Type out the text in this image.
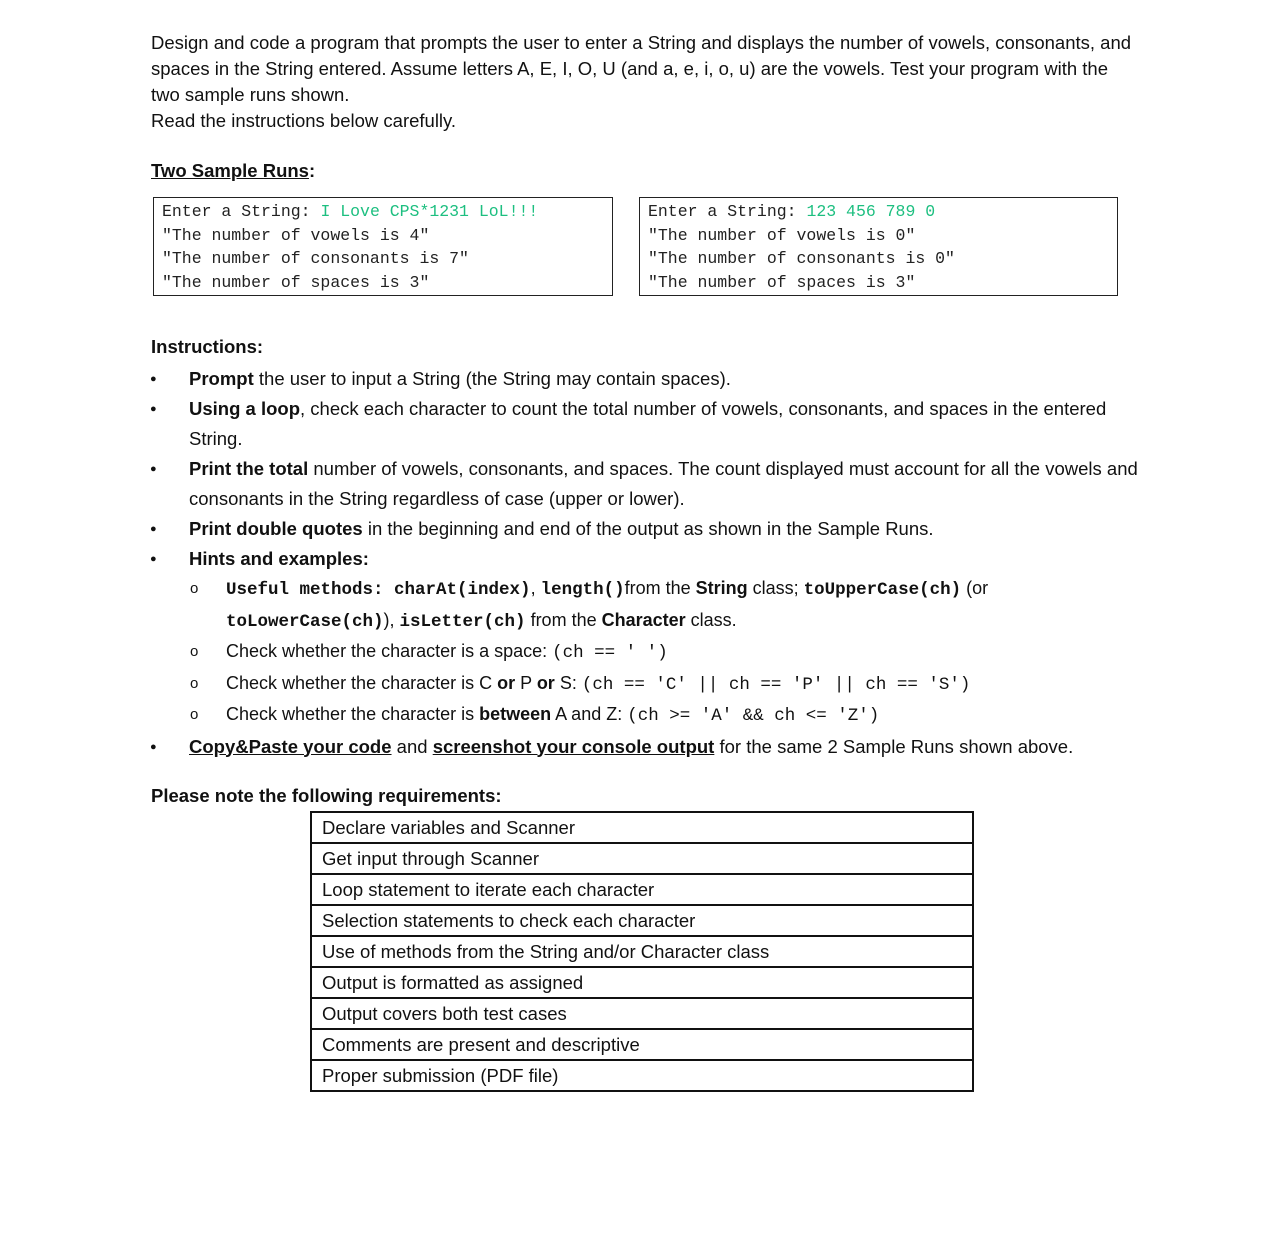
Design and code a program that prompts the user to enter a String and displays the number of vowels, consonants, and spaces in the String entered. Assume letters A, E, I, O, U (and a, e, i, o, u) are the vowels. Test your program with the two sample runs shown.

Read the instructions below carefully.

Two Sample Runs:

Enter a String: I Love CPS*1231 LoL!!!
"The number of vowels is 4"
"The number of consonants is 7"
"The number of spaces is 3"
Enter a String: 123 456 789 0
"The number of vowels is 0"
"The number of consonants is 0"
"The number of spaces is 3"

Instructions:

● Prompt the user to input a String (the String may contain spaces).
● Using a loop, check each character to count the total number of vowels, consonants, and spaces in the entered String.
● Print the total number of vowels, consonants, and spaces. The count displayed must account for all the vowels and consonants in the String regardless of case (upper or lower).
● Print double quotes in the beginning and end of the output as shown in the Sample Runs.
● Hints and examples:
o Useful methods: charAt(index), length()from the String class; toUpperCase(ch) (or toLowerCase(ch)), isLetter(ch) from the Character class.
o Check whether the character is a space: (ch == ' ')
o Check whether the character is C or P or S: (ch == 'C' || ch == 'P' || ch == 'S')
o Check whether the character is between A and Z: (ch >= 'A' && ch <= 'Z')
● Copy&Paste your code and screenshot your console output for the same 2 Sample Runs shown above.

Please note the following requirements:

Declare variables and Scanner
Get input through Scanner
Loop statement to iterate each character
Selection statements to check each character
Use of methods from the String and/or Character class
Output is formatted as assigned
Output covers both test cases
Comments are present and descriptive
Proper submission (PDF file)
